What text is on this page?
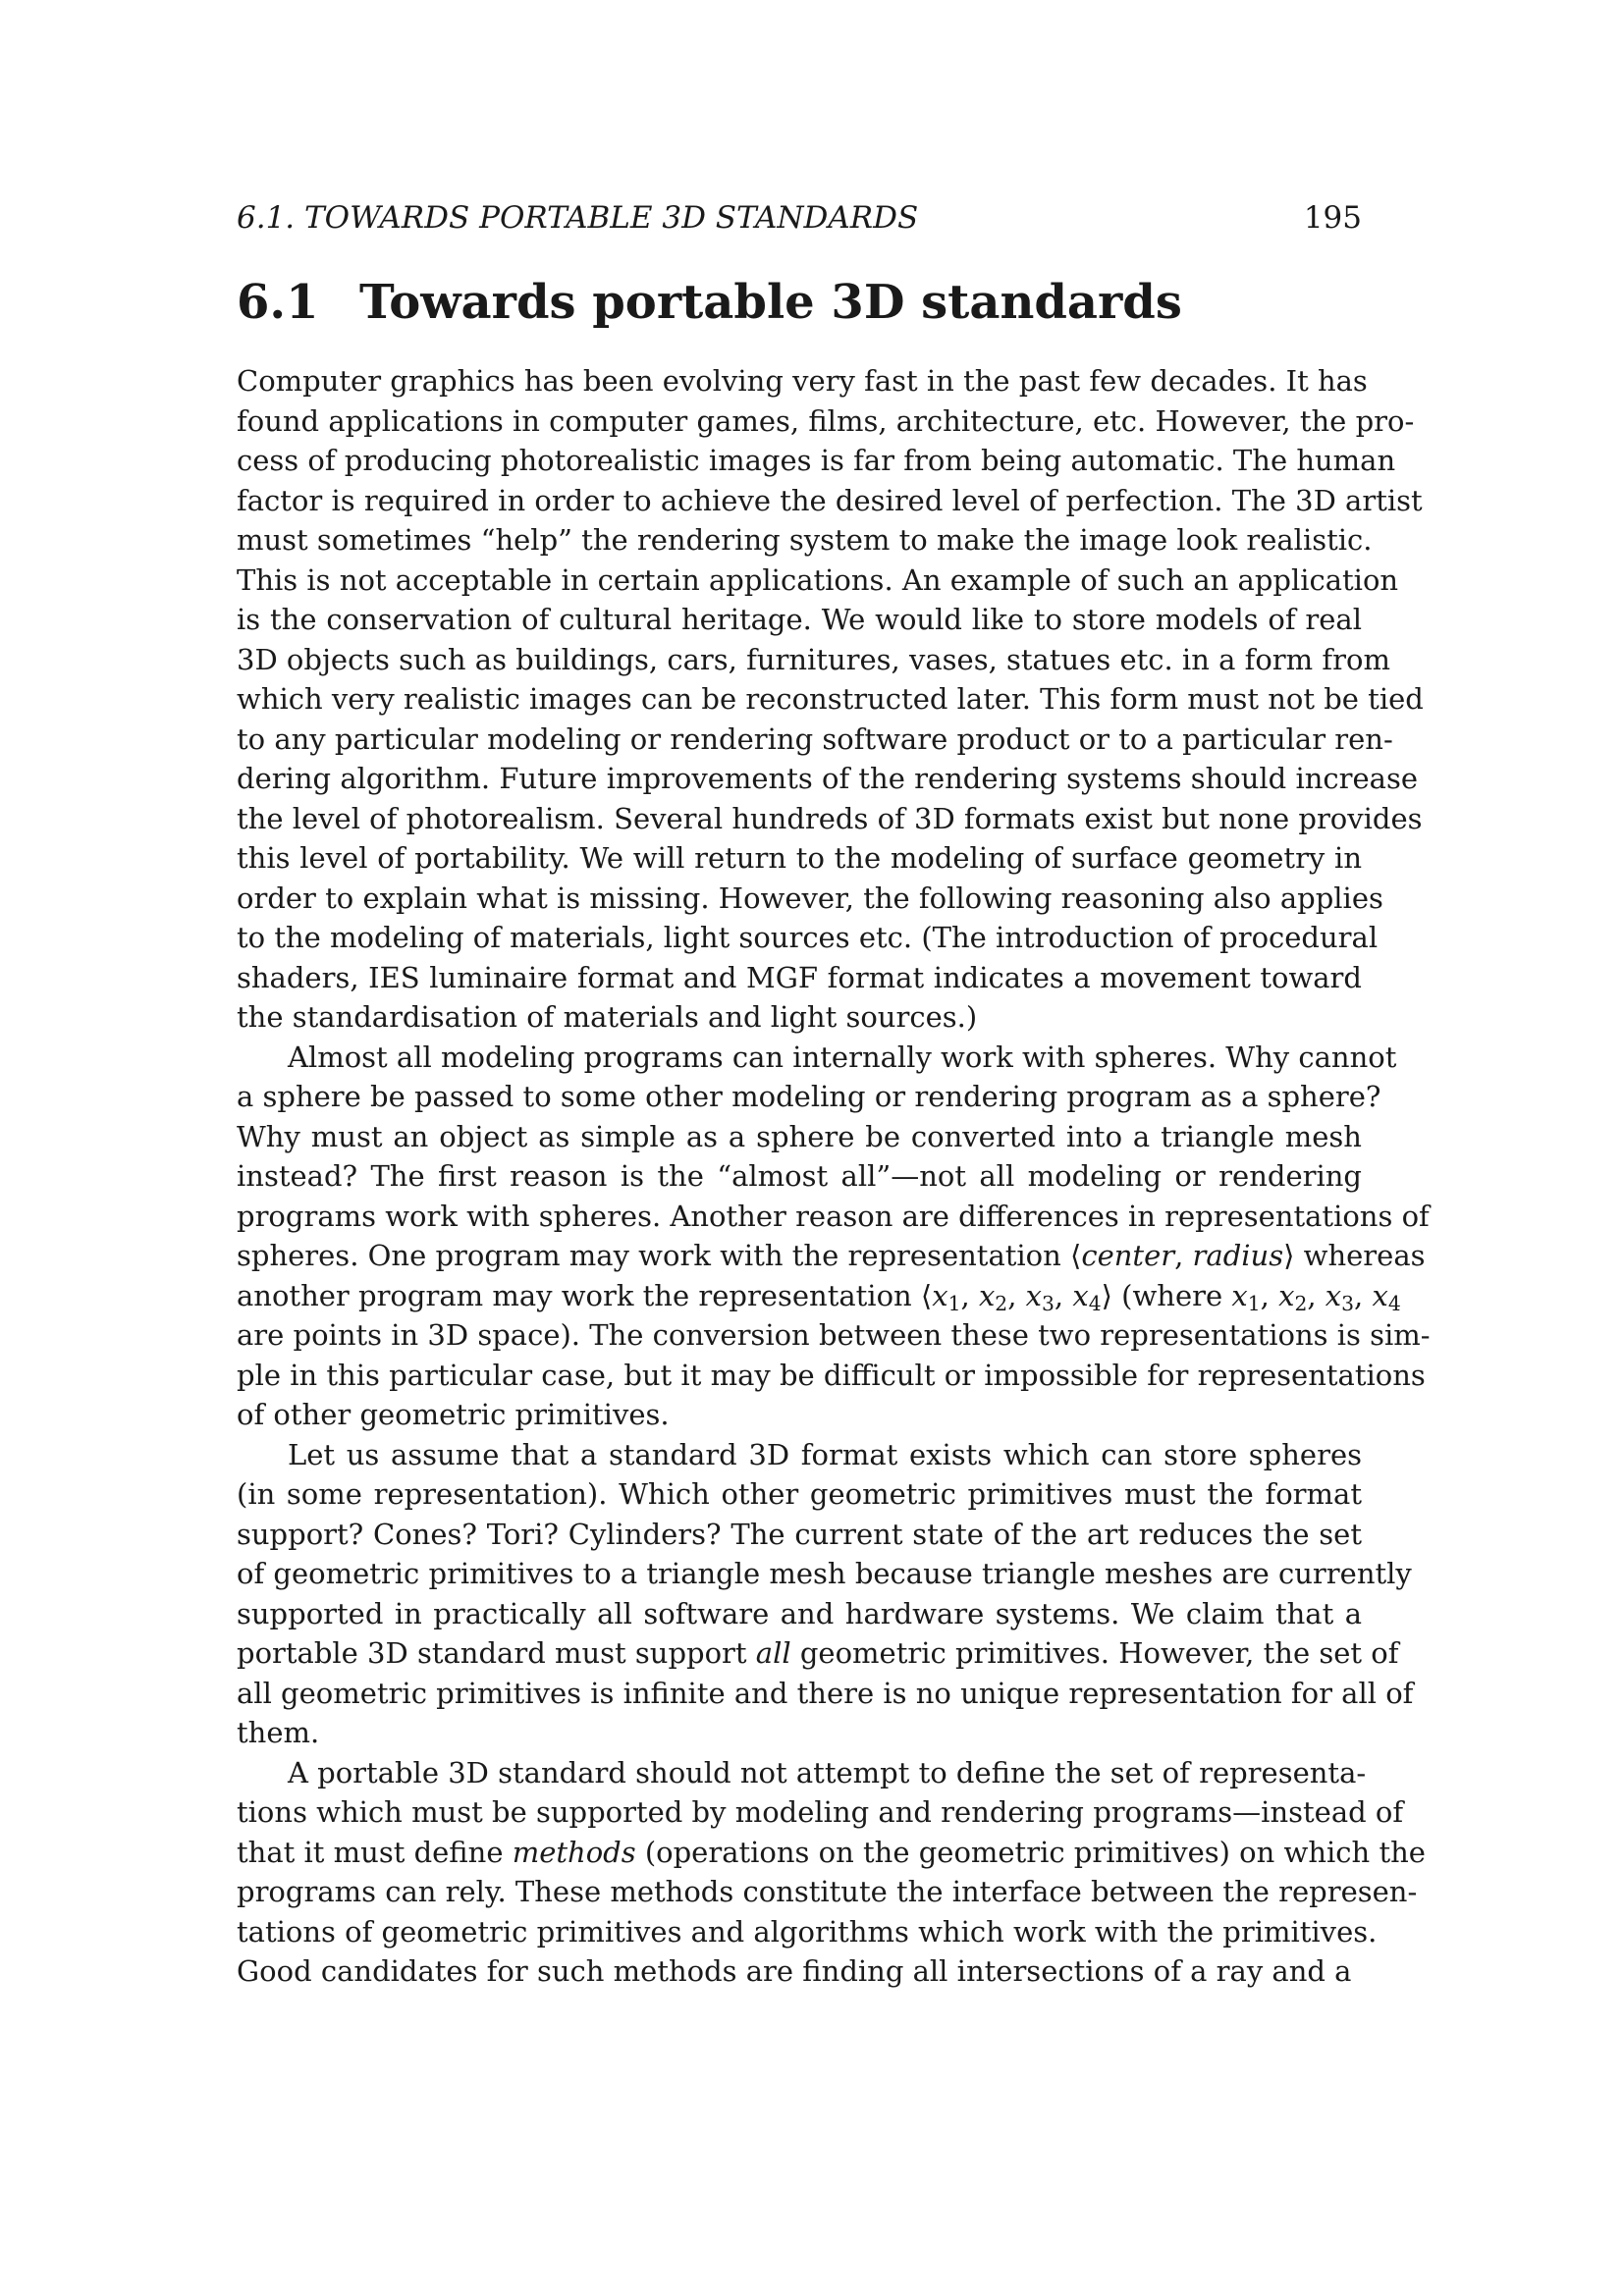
6.1. TOWARDS PORTABLE 3D STANDARDS	195
6.1 Towards portable 3D standards
Computer graphics has been evolving very fast in the past few decades. It has
found applications in computer games, films, architecture, etc. However, the pro-
cess of producing photorealistic images is far from being automatic. The human
factor is required in order to achieve the desired level of perfection. The 3D artist
must sometimes “help” the rendering system to make the image look realistic.
This is not acceptable in certain applications. An example of such an application
is the conservation of cultural heritage. We would like to store models of real
3D objects such as buildings, cars, furnitures, vases, statues etc. in a form from
which very realistic images can be reconstructed later. This form must not be tied
to any particular modeling or rendering software product or to a particular ren-
dering algorithm. Future improvements of the rendering systems should increase
the level of photorealism. Several hundreds of 3D formats exist but none provides
this level of portability. We will return to the modeling of surface geometry in
order to explain what is missing. However, the following reasoning also applies
to the modeling of materials, light sources etc. (The introduction of procedural
shaders, IES luminaire format and MGF format indicates a movement toward
the standardisation of materials and light sources.)
Almost all modeling programs can internally work with spheres. Why cannot
a sphere be passed to some other modeling or rendering program as a sphere?
Why must an object as simple as a sphere be converted into a triangle mesh
instead? The first reason is the “almost all”—not all modeling or rendering
programs work with spheres. Another reason are differences in representations of
spheres. One program may work with the representation ⟨center, radius⟩ whereas
another program may work the representation $⟨x_1$, $x_2$, $x_3$, $x_4⟩$ (where $x_1$, $x_2$, $x_3$, $x_4$
are points in 3D space). The conversion between these two representations is sim-
ple in this particular case, but it may be difficult or impossible for representations
of other geometric primitives.
Let us assume that a standard 3D format exists which can store spheres
(in some representation). Which other geometric primitives must the format
support? Cones? Tori? Cylinders? The current state of the art reduces the set
of geometric primitives to a triangle mesh because triangle meshes are currently
supported in practically all software and hardware systems. We claim that a
portable 3D standard must support all geometric primitives. However, the set of
all geometric primitives is infinite and there is no unique representation for all of
them.
A portable 3D standard should not attempt to define the set of representa-
tions which must be supported by modeling and rendering programs—instead of
that it must define methods (operations on the geometric primitives) on which the
programs can rely. These methods constitute the interface between the represen-
tations of geometric primitives and algorithms which work with the primitives.
Good candidates for such methods are finding all intersections of a ray and a
